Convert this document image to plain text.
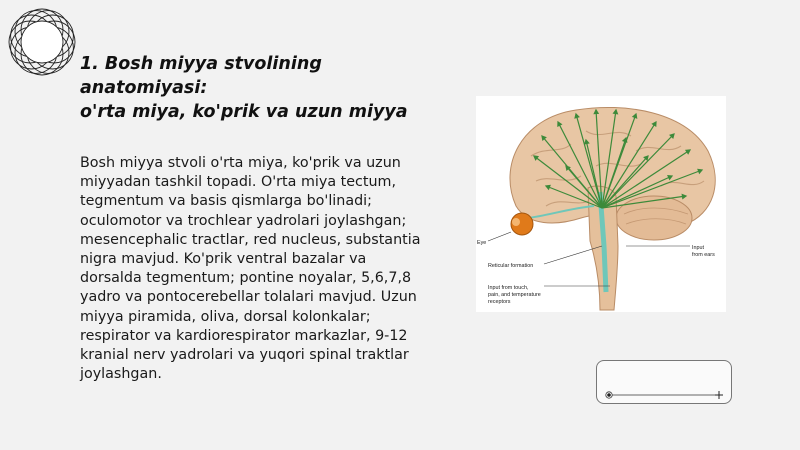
1. Bosh miyya stvolining anatomiyasi:
o'rta miya, ko'prik va uzun miyya
Bosh miyya stvoli o'rta miya, ko'prik va uzun miyyadan tashkil topadi. O'rta miya tectum, tegmentum va basis qismlarga bo'linadi; oculomotor va trochlear yadrolari joylashgan; mesencephalic tractlar, red nucleus, substantia nigra mavjud. Ko'prik ventral bazalar va dorsalda tegmentum; pontine noyalar, 5,6,7,8 yadro va pontocerebellar tolalari mavjud. Uzun miyya piramida, oliva, dorsal kolonkalar; respirator va kardiorespirator markazlar, 9-12 kranial nerv yadrolari va yuqori spinal traktlar joylashgan.
Eye
Reticular formation
Input from touch,
pain, and temperature
receptors
Input
from ears
